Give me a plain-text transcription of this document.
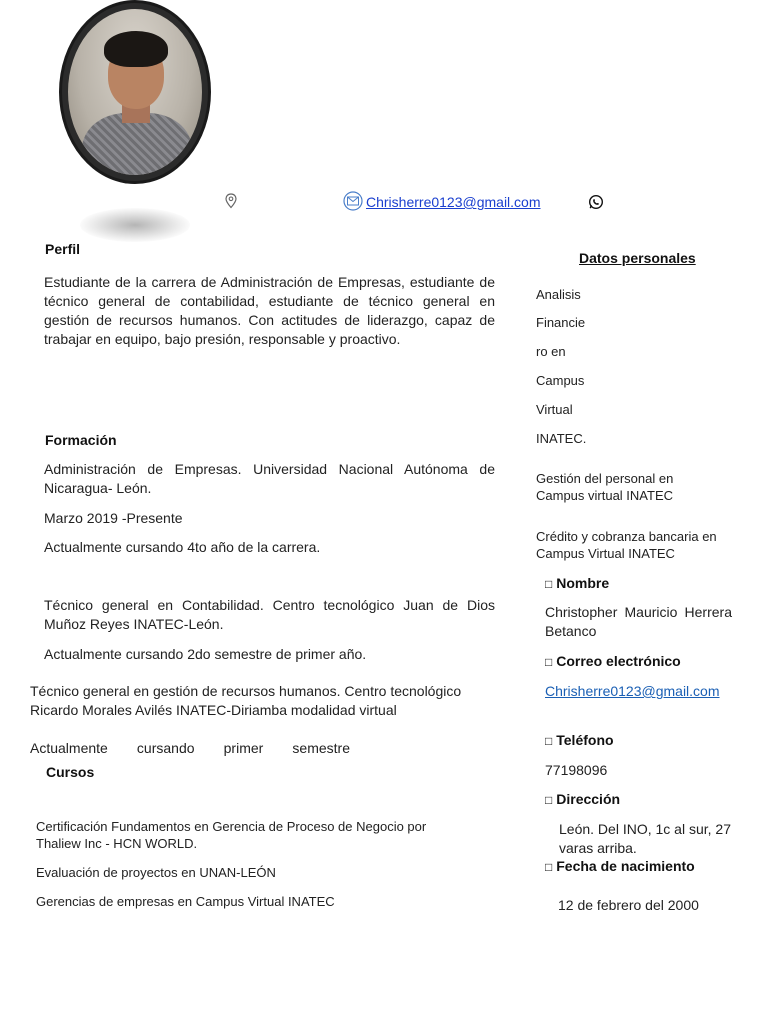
Chrisherre0123@gmail.com
Perfil
Estudiante de la carrera de Administración de Empresas, estudiante de técnico general de contabilidad, estudiante de técnico general en gestión de recursos humanos. Con actitudes de liderazgo, capaz de trabajar en equipo, bajo presión, responsable y proactivo.
Formación
Administración de Empresas. Universidad Nacional Autónoma de Nicaragua- León.
Marzo 2019 -Presente
Actualmente cursando 4to año de la carrera.
Técnico general en Contabilidad. Centro tecnológico Juan de Dios Muñoz Reyes INATEC-León.
Actualmente cursando 2do semestre de primer año.
Técnico general en gestión de recursos humanos. Centro tecnológico Ricardo Morales Avilés INATEC-Diriamba modalidad virtual
Actualmente cursando primer semestre
Cursos
Certificación Fundamentos en Gerencia de Proceso de Negocio por Thaliew Inc - HCN WORLD.
Evaluación de proyectos en UNAN-LEÓN
Gerencias de empresas en Campus Virtual INATEC
Datos personales
Analisis
Financie
ro en
Campus
Virtual
INATEC.
Gestión del personal en Campus virtual INATEC
Crédito y cobranza bancaria en Campus Virtual INATEC
□ Nombre
Christopher Mauricio Herrera Betanco
□ Correo electrónico
Chrisherre0123@gmail.com
□ Teléfono
77198096
□ Dirección
León. Del INO, 1c al sur, 27 varas arriba.
□ Fecha de nacimiento
12 de febrero del 2000
